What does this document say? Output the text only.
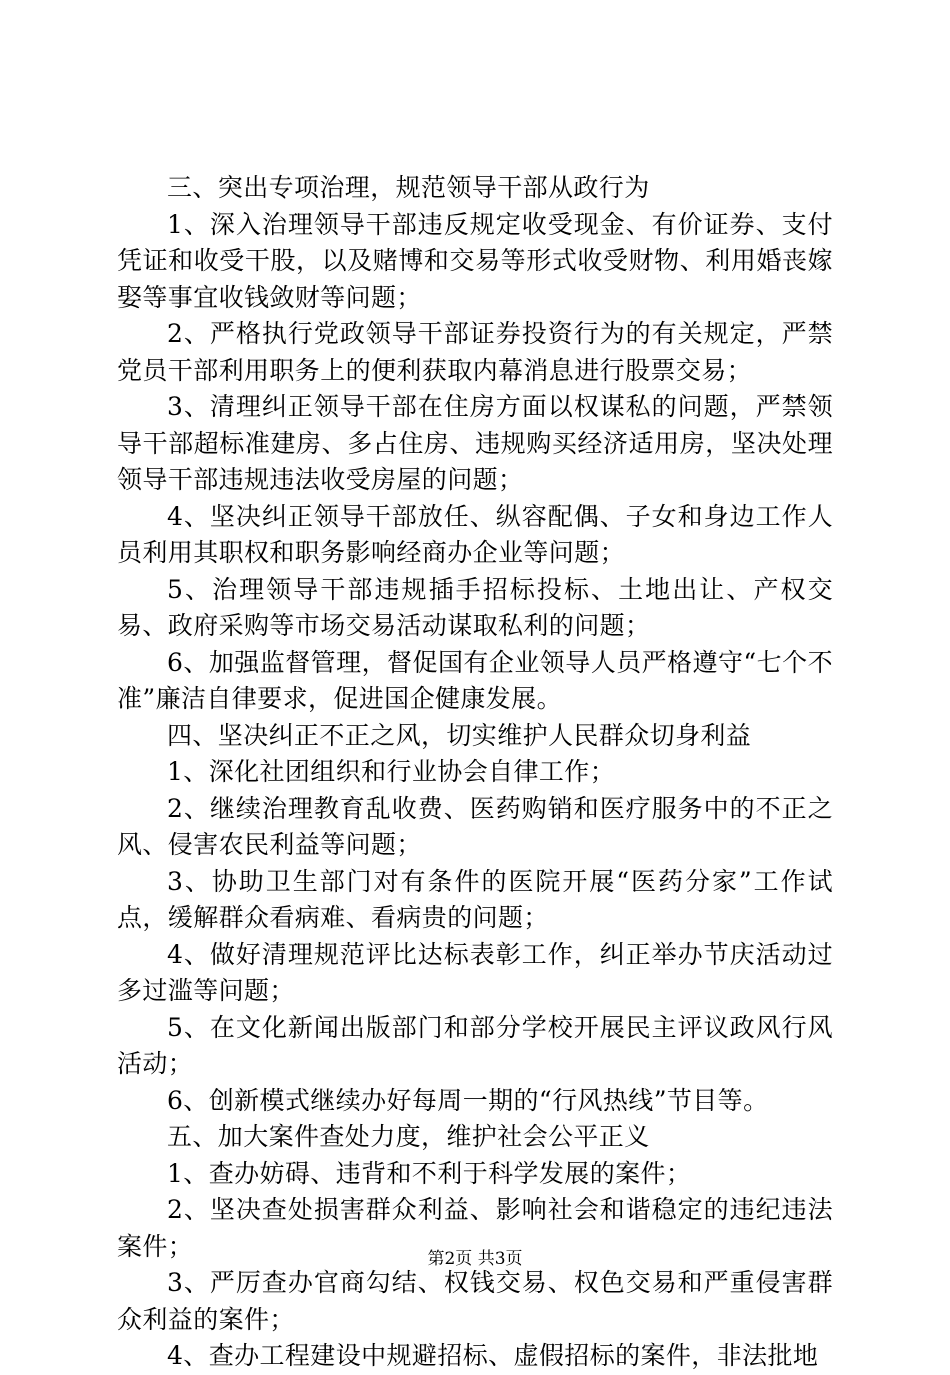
三、突出专项治理，规范领导干部从政行为

1、深入治理领导干部违反规定收受现金、有价证券、支付凭证和收受干股，以及赌博和交易等形式收受财物、利用婚丧嫁娶等事宜收钱敛财等问题；

2、严格执行党政领导干部证券投资行为的有关规定，严禁党员干部利用职务上的便利获取内幕消息进行股票交易；

3、清理纠正领导干部在住房方面以权谋私的问题，严禁领导干部超标准建房、多占住房、违规购买经济适用房，坚决处理领导干部违规违法收受房屋的问题；

4、坚决纠正领导干部放任、纵容配偶、子女和身边工作人员利用其职权和职务影响经商办企业等问题；

5、治理领导干部违规插手招标投标、土地出让、产权交易、政府采购等市场交易活动谋取私利的问题；

6、加强监督管理，督促国有企业领导人员严格遵守“七个不准”廉洁自律要求，促进国企健康发展。

四、坚决纠正不正之风，切实维护人民群众切身利益

1、深化社团组织和行业协会自律工作；

2、继续治理教育乱收费、医药购销和医疗服务中的不正之风、侵害农民利益等问题；

3、协助卫生部门对有条件的医院开展“医药分家”工作试点，缓解群众看病难、看病贵的问题；

4、做好清理规范评比达标表彰工作，纠正举办节庆活动过多过滥等问题；

5、在文化新闻出版部门和部分学校开展民主评议政风行风活动；

6、创新模式继续办好每周一期的“行风热线”节目等。

五、加大案件查处力度，维护社会公平正义

1、查办妨碍、违背和不利于科学发展的案件；

2、坚决查处损害群众利益、影响社会和谐稳定的违纪违法案件；

3、严厉查办官商勾结、权钱交易、权色交易和严重侵害群众利益的案件；

4、查办工程建设中规避招标、虚假招标的案件，非法批地

第2页 共3页
